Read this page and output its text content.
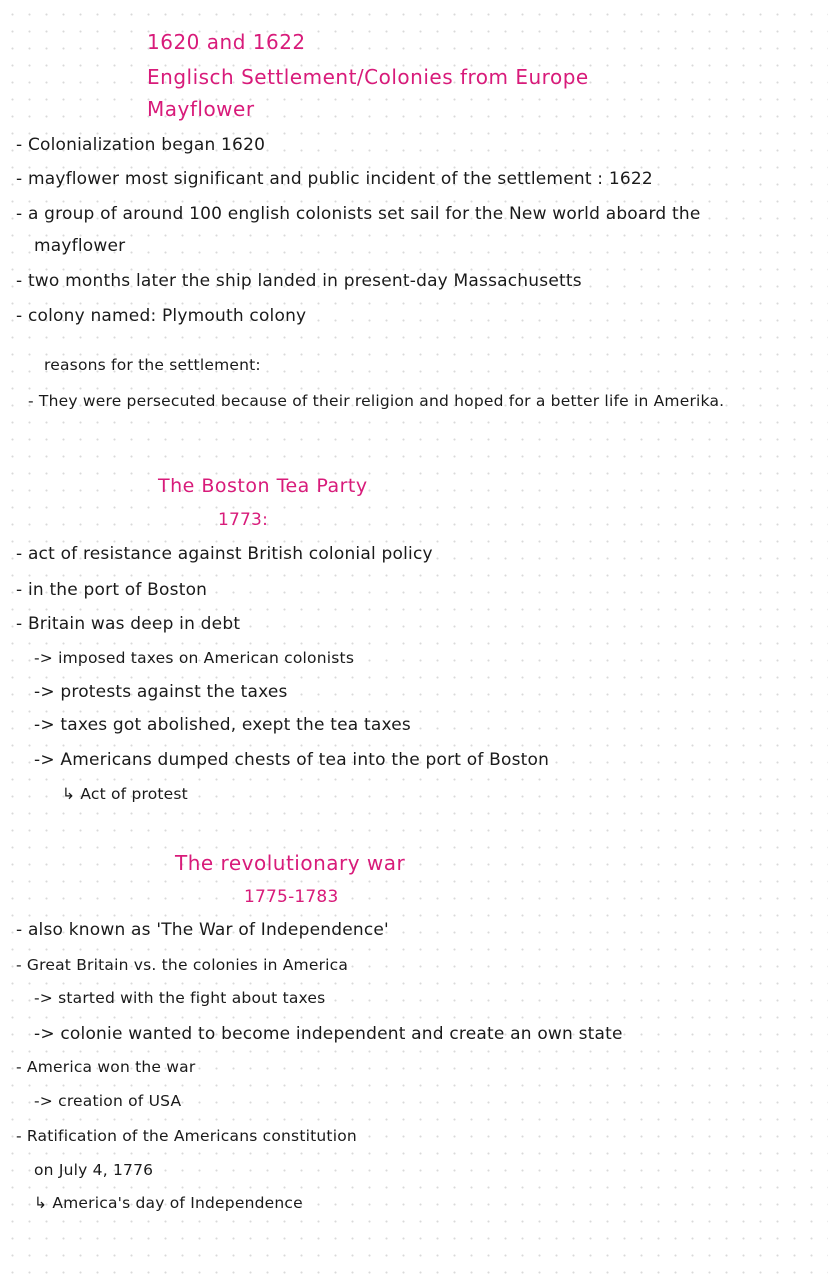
1620 and 1622
Englisch Settlement/Colonies from Europe
Mayflower
- Colonialization began 1620
- mayflower most significant and public incident of the settlement : 1622
- a group of around 100 english colonists set sail for the New world aboard the
mayflower
- two months later the ship landed in present-day Massachusetts
- colony named: Plymouth colony
reasons for the settlement:
- They were persecuted because of their religion and hoped for a better life in Amerika.
The Boston Tea Party
1773:
- act of resistance against British colonial policy
- in the port of Boston
- Britain was deep in debt
-> imposed taxes on American colonists
-> protests against the taxes
-> taxes got abolished, exept the tea taxes
-> Americans dumped chests of tea into the port of Boston
↳ Act of protest
The revolutionary war
1775-1783
- also known as 'The War of Independence'
- Great Britain vs. the colonies in America
-> started with the fight about taxes
-> colonie wanted to become independent and create an own state
- America won the war
-> creation of USA
- Ratification of the Americans constitution
on July 4, 1776
↳ America's day of Independence
